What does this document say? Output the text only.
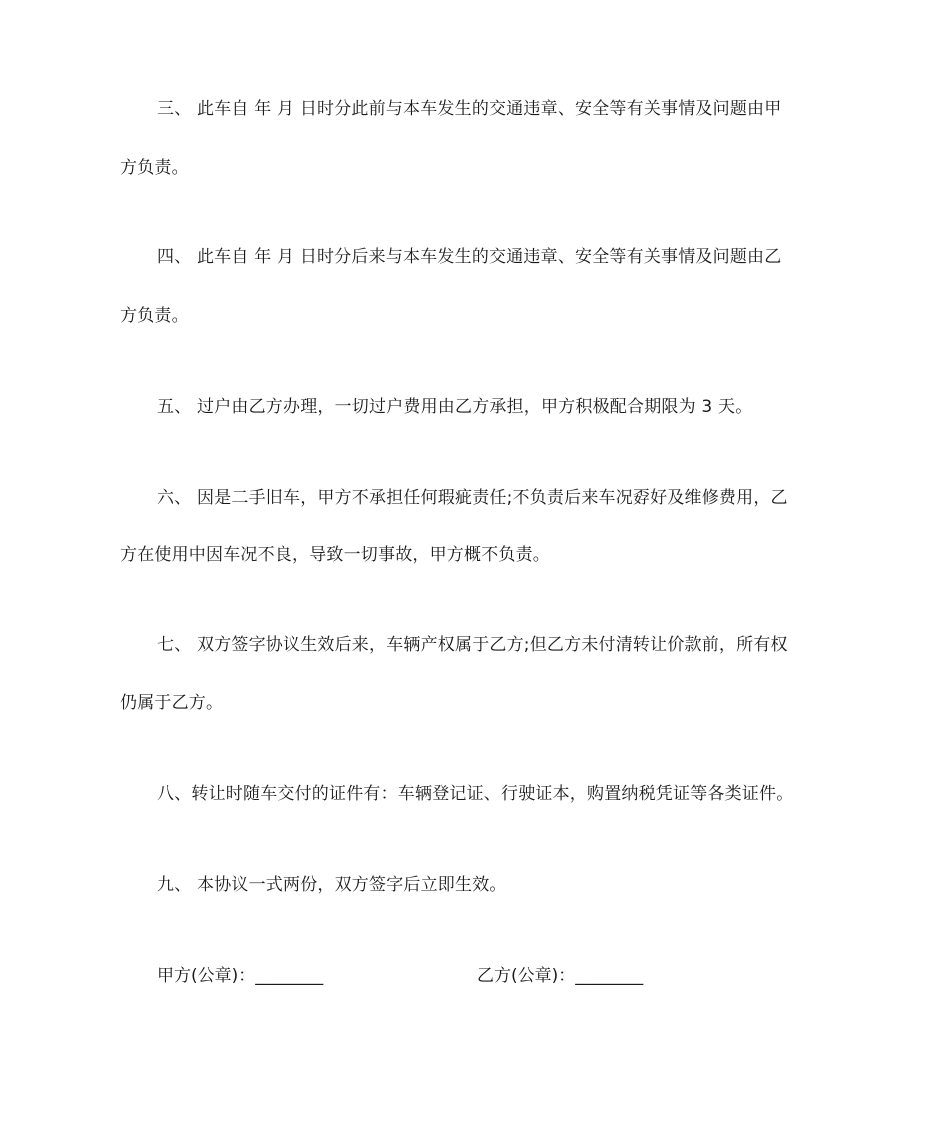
三、 此车自 年 月 日时分此前与本车发生的交通违章、安全等有关事情及问题由甲
方负责。
四、 此车自 年 月 日时分后来与本车发生的交通违章、安全等有关事情及问题由乙
方负责。
五、 过户由乙方办理，一切过户费用由乙方承担，甲方积极配合期限为 3 天。
六、 因是二手旧车，甲方不承担任何瑕疵责任;不负责后来车况孬好及维修费用，乙
方在使用中因车况不良，导致一切事故，甲方概不负责。
七、 双方签字协议生效后来，车辆产权属于乙方;但乙方未付清转让价款前，所有权
仍属于乙方。
八、转让时随车交付的证件有：车辆登记证、行驶证本，购置纳税凭证等各类证件。
九、 本协议一式两份，双方签字后立即生效。
甲方(公章)：________	乙方(公章)：________
